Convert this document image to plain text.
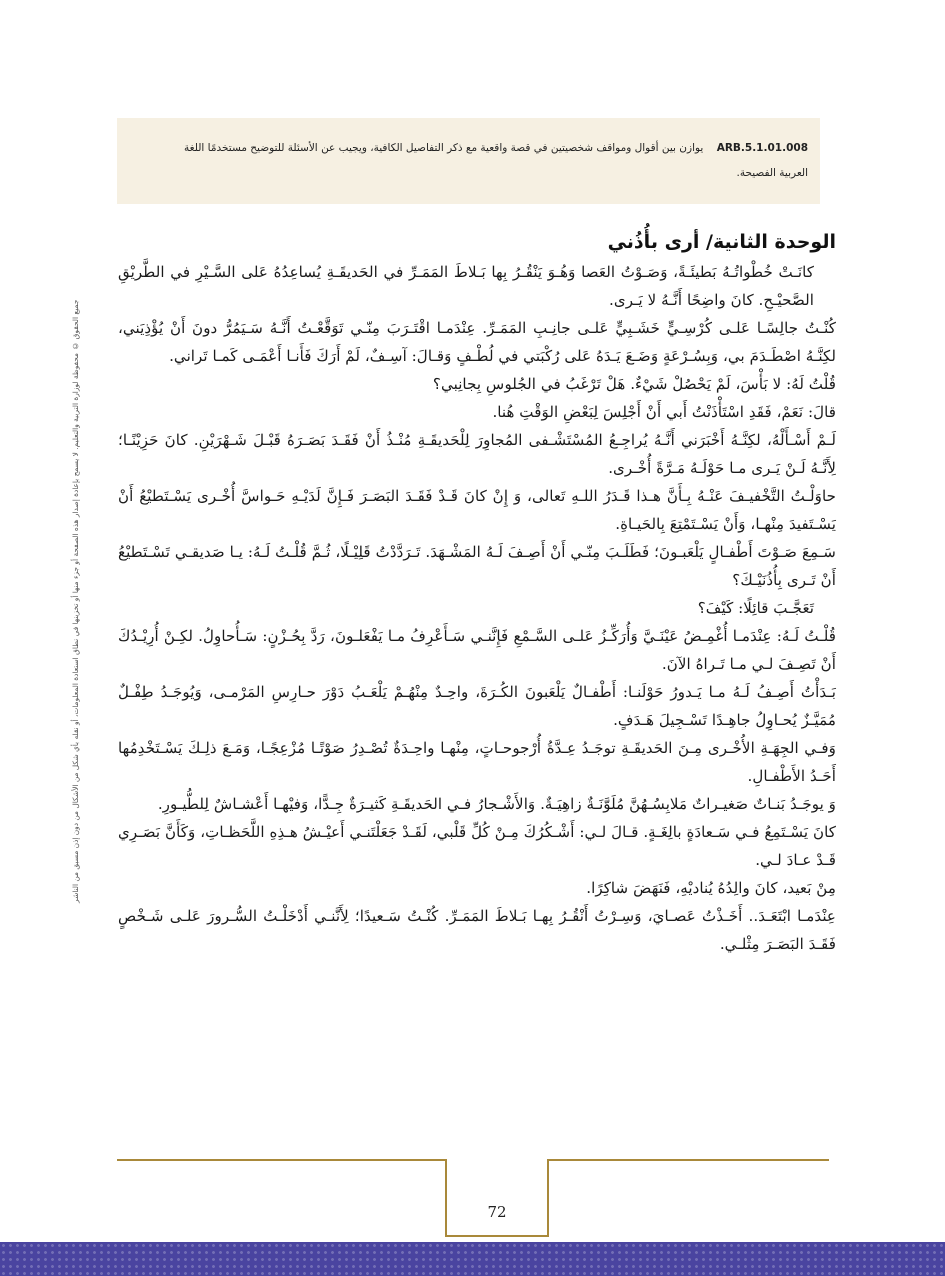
ARB.5.1.01.008 يوازن بين أقوال ومواقف شخصيتين في قصة واقعية مع ذكر التفاصيل الكافية، ويجيب عن الأسئلة للتوضيح مستخدمًا اللغة العربية الفصيحة.
جميع الحقوق © محفوظة لوزارة التربية والتعليم. لا يسمح بإعادة إصدار هذه الصفحة أو جزء منها أو تخزينها في نطاق استعادة المعلومات، أو نقله بأي شكل من الأشكال من دون إذن مسبق من الناشر
الوحدة الثانية/ أرى بأُذُني

كانَـتْ خُطْواتُـهُ بَطيئَـةً، وَصَـوْتُ العَصا وَهُـوَ يَنْقُـرُ بِها بَـلاطَ المَمَـرِّ في الحَديقَـةِ يُساعِدُهُ عَلى السَّـيْرِ في الطَّريْقِ الصَّحيْـحِ. كانَ واضِحًا أَنَّـهُ لا يَـرى.

كُنْـتُ جالِسًـا عَلـى كُرْسِـيٍّ خَشَـبِيٍّ عَلـى جانِـبِ المَمَـرِّ. عِنْدَمـا اقْتَـرَبَ مِنّـي تَوَقَّعْـتُ أَنَّـهُ سَـيَمُرُّ دونَ أَنْ يُؤْذِيَني، لكِنَّـهُ اصْطَـدَمَ بي، وَبِسُـرْعَةٍ وَضَـعَ يَـدَهُ عَلى رُكْبَتي في لُطْـفٍ وَقـالَ: آسِـفٌ، لَمْ أَرَكَ فَأَنـا أَعْمَـى كَمـا تَراني.

قُلْتُ لَهُ: لا بَأْسَ، لَمْ يَحْصُلْ شَيْءٌ. هَلْ تَرْغَبُ في الجُلوسِ بِجانِبي؟

قالَ: نَعَمْ، فَقَدِ اسْتَأْذَنْتُ أَبي أَنْ أَجْلِسَ لِبَعْضِ الوَقْتِ هُنا.

لَـمْ أَسْـأَلْهُ، لكِنَّـهُ أَخْبَرَني أَنَّـهُ يُراجِـعُ المُسْتَشْـفى المُجاوِرَ لِلْحَديقَـةِ مُنْـذُ أَنْ فَقَـدَ بَصَـرَهُ قَبْـلَ شَـهْرَيْنِ. كانَ حَزِيْنًـا؛ لِأَنَّـهُ لَـنْ يَـرى مـا حَوْلَـهُ مَـرَّةً أُخْـرى.

حاوَلْـتُ التَّخْفيـفَ عَنْـهُ بِـأَنَّ هـذا قَـدَرُ اللـهِ تَعالى، وَ إِنْ كانَ قَـدْ فَقَـدَ البَصَـرَ فَـإِنَّ لَدَيْـهِ حَـواسَّ أُخْـرى يَسْـتَطيْعُ أَنْ يَسْـتَفيدَ مِنْهـا، وَأَنْ يَسْـتَمْتِعَ بِالحَيـاةِ.

سَـمِعَ صَـوْتَ أَطْفـالٍ يَلْعَبـونَ؛ فَطَلَـبَ مِنّـي أَنْ أَصِـفَ لَـهُ المَشْـهَدَ. تَـرَدَّدْتُ قَلِيْـلًا، ثُـمَّ قُلْـتُ لَـهُ: يـا صَديقـي تَسْـتَطيْعُ أَنْ تَـرى بِأُذُنَيْـكَ؟

تَعَجَّـبَ قائِلًا: كَيْفَ؟

قُلْـتُ لَـهُ: عِنْدَمـا أُغْمِـضُ عَيْنَـيَّ وَأُرَكِّـزُ عَلـى السَّـمْعِ فَإِنَّنـي سَـأَعْرِفُ مـا يَفْعَلـونَ، رَدَّ بِحُـزْنٍ: سَـأُحاوِلُ. لكِـنْ أُرِيْـدُكَ أَنْ تَصِـفَ لـي مـا تَـراهُ الآنَ.

بَـدَأْتُ أَصِـفُ لَـهُ مـا يَـدورُ حَوْلَنـا: أَطْفـالٌ يَلْعَبونَ الكُـرَةَ، واحِـدٌ مِنْهُـمْ يَلْعَـبُ دَوْرَ حـارِسِ المَرْمـى، وَيُوجَـدُ طِفْـلٌ مُمَيَّـزٌ يُحـاوِلُ جاهِـدًا تَسْـجِيلَ هَـدَفٍ.

وَفـي الجِهَـةِ الأُخْـرى مِـنَ الحَديقَـةِ توجَـدُ عِـدَّةُ أُرْجوحـاتٍ، مِنْهـا واحِـدَةٌ تُصْـدِرُ صَوْتًـا مُزْعِجًـا، وَمَـعَ ذلِـكَ يَسْـتَخْدِمُها أَحَـدُ الأَطْفـالِ.

وَ يوجَـدُ بَنـاتٌ صَغيـراتٌ مَلابِسُـهُنَّ مُلَوَّنَـةٌ زاهِيَـةٌ. وَالأَشْـجارُ فـي الحَديقَـةِ كَثيـرَةٌ جِـدًّا، وَفيْهـا أَعْشـاشٌ لِلطُّيـورِ.

كانَ يَسْـتَمِعُ فـي سَـعادَةٍ بالِغَـةٍ. قـالَ لـي: أَشْـكُرُكَ مِـنْ كُلِّ قَلْبي، لَقَـدْ جَعَلْتَنـي أَعيْـشُ هـذِهِ اللَّحَظـاتِ، وَكَأَنَّ بَصَـرِي قَـدْ عـادَ لـي.

مِنْ بَعيد، كانَ والِدُهُ يُناديْهِ، فَنَهَضَ شاكِرًا.

عِنْدَمـا ابْتَعَـدَ.. أَخَـذْتُ عَصـايَ، وَسِـرْتُ أَنْقُـرُ بِهـا بَـلاطَ المَمَـرِّ. كُنْـتُ سَـعيدًا؛ لِأَنَّنـي أَدْخَلْـتُ السُّـرورَ عَلـى شَـخْصٍ فَقَـدَ البَصَـرَ مِثْلـي.

72
